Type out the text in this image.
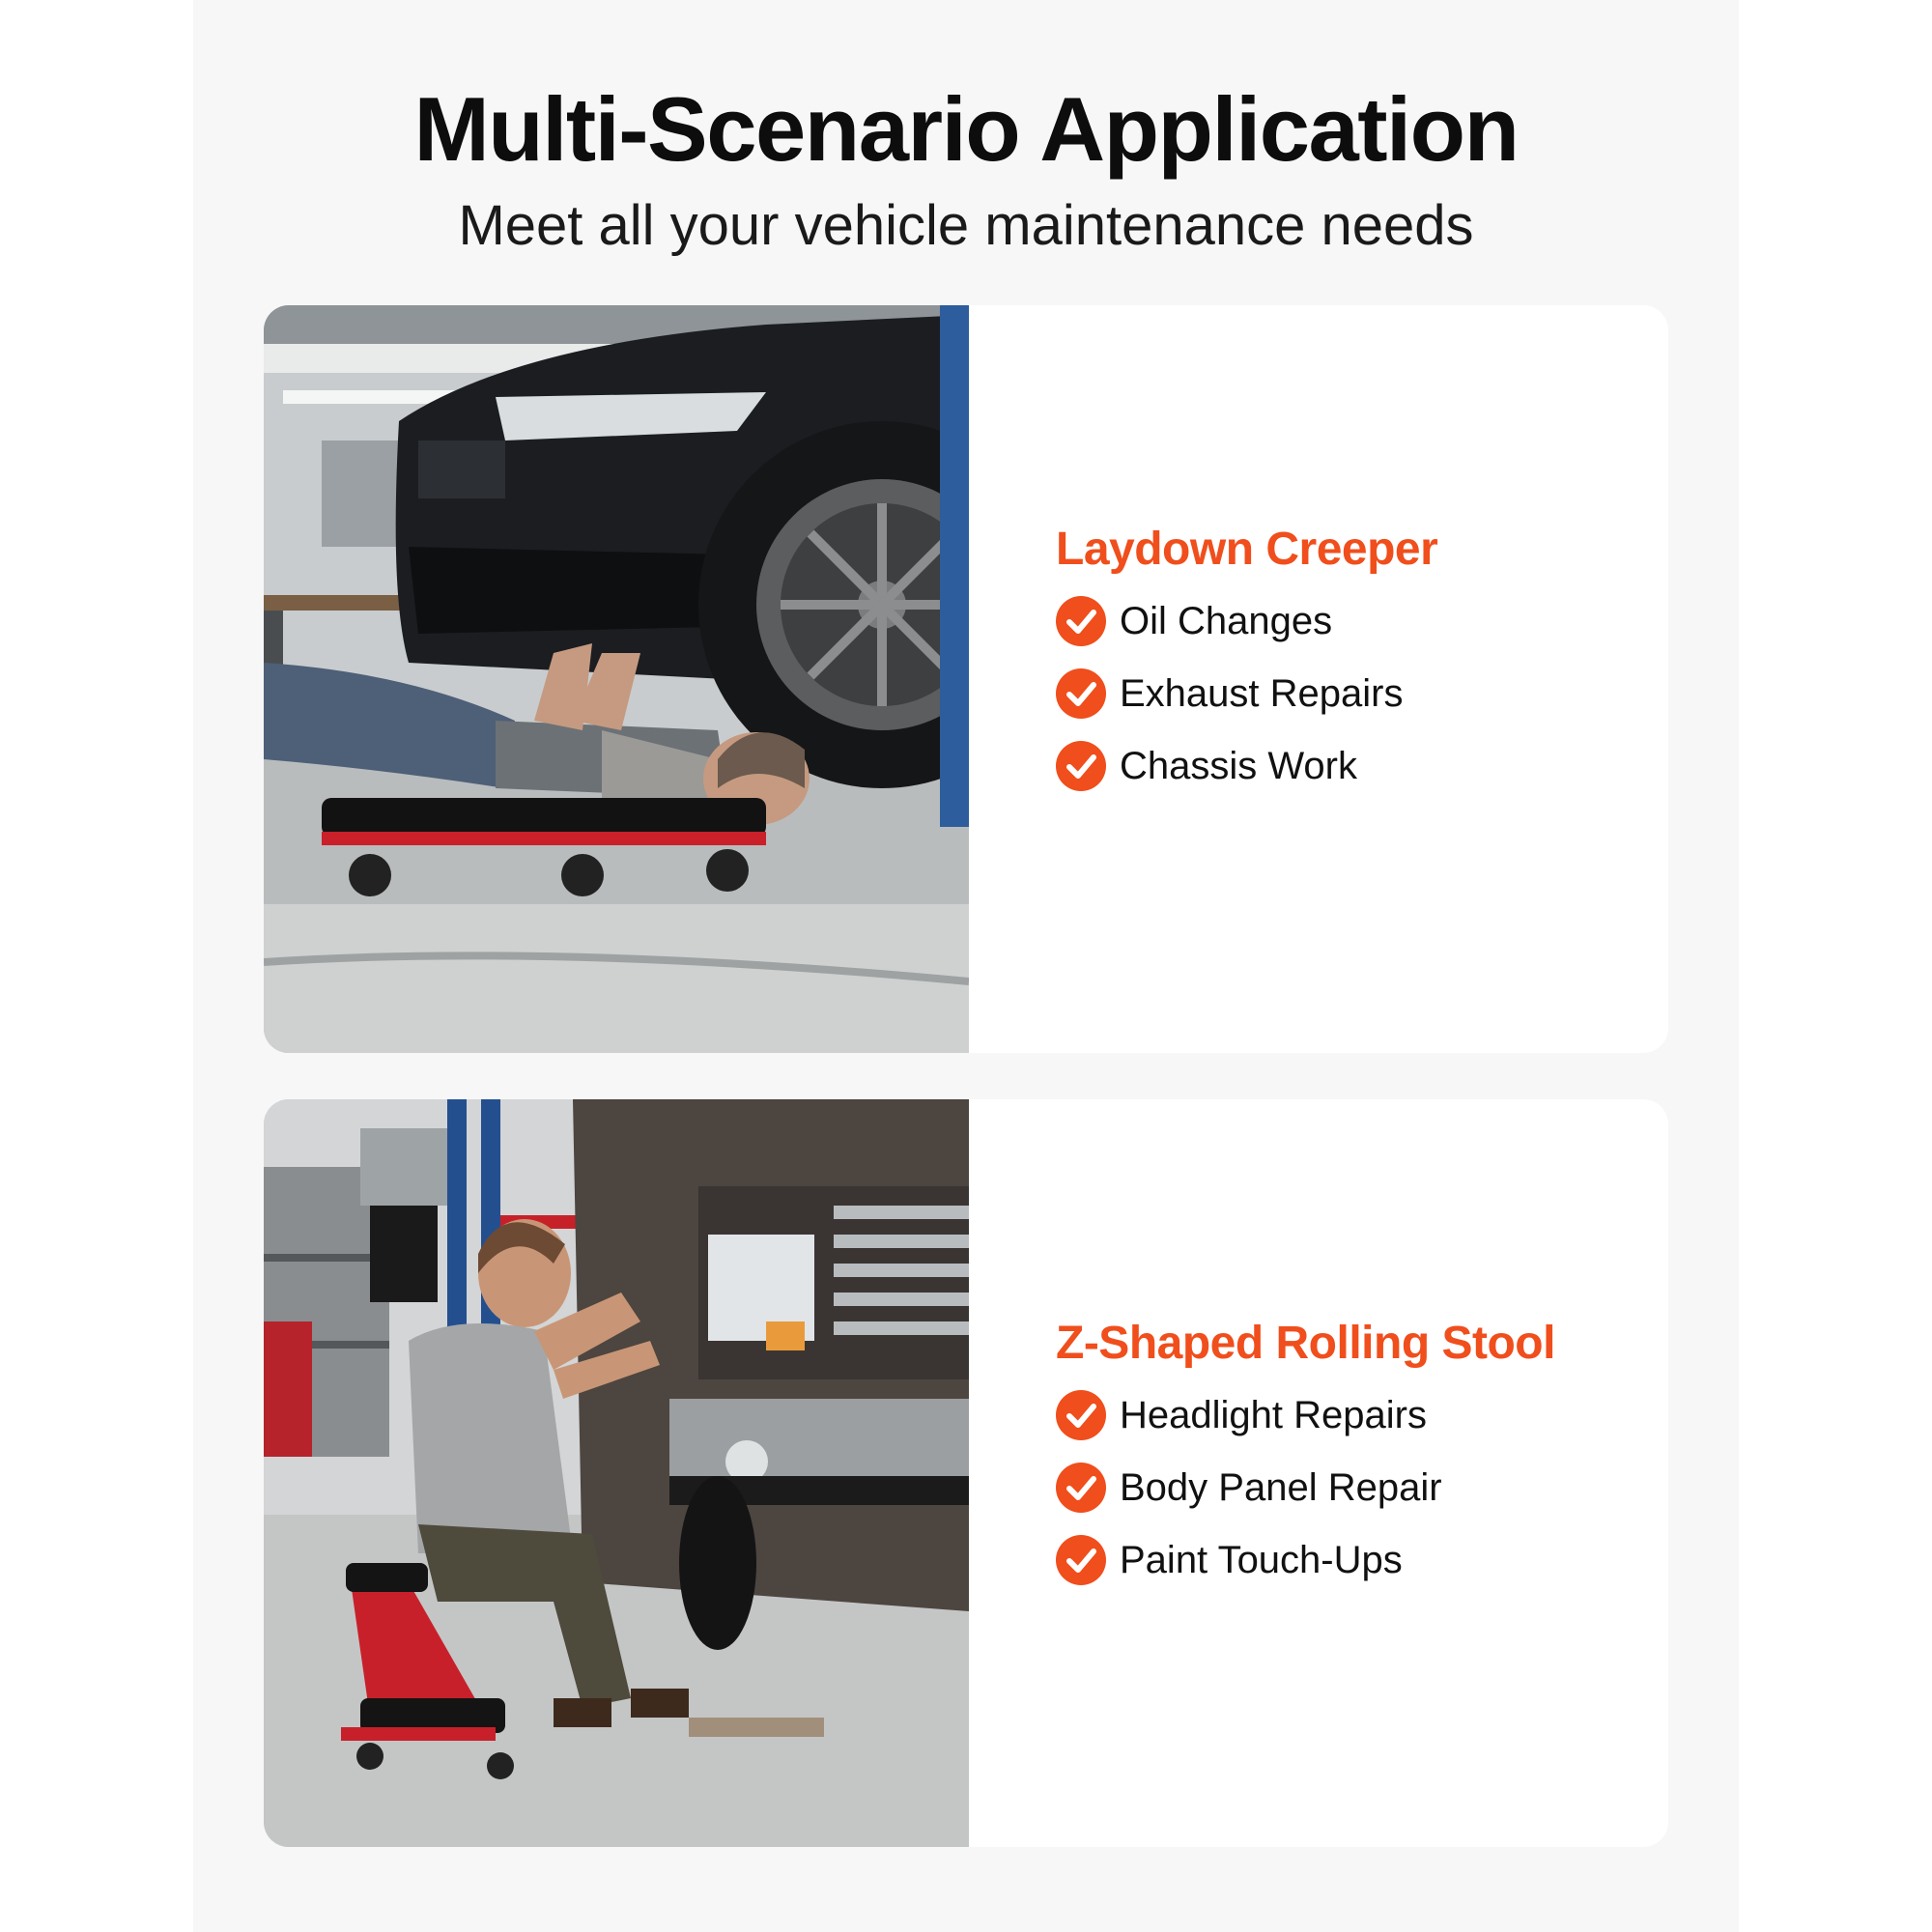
Multi-Scenario Application

Meet all your vehicle maintenance needs

Laydown Creeper
Oil Changes
Exhaust Repairs
Chassis Work
Z-Shaped Rolling Stool
Headlight Repairs
Body Panel Repair
Paint Touch-Ups
